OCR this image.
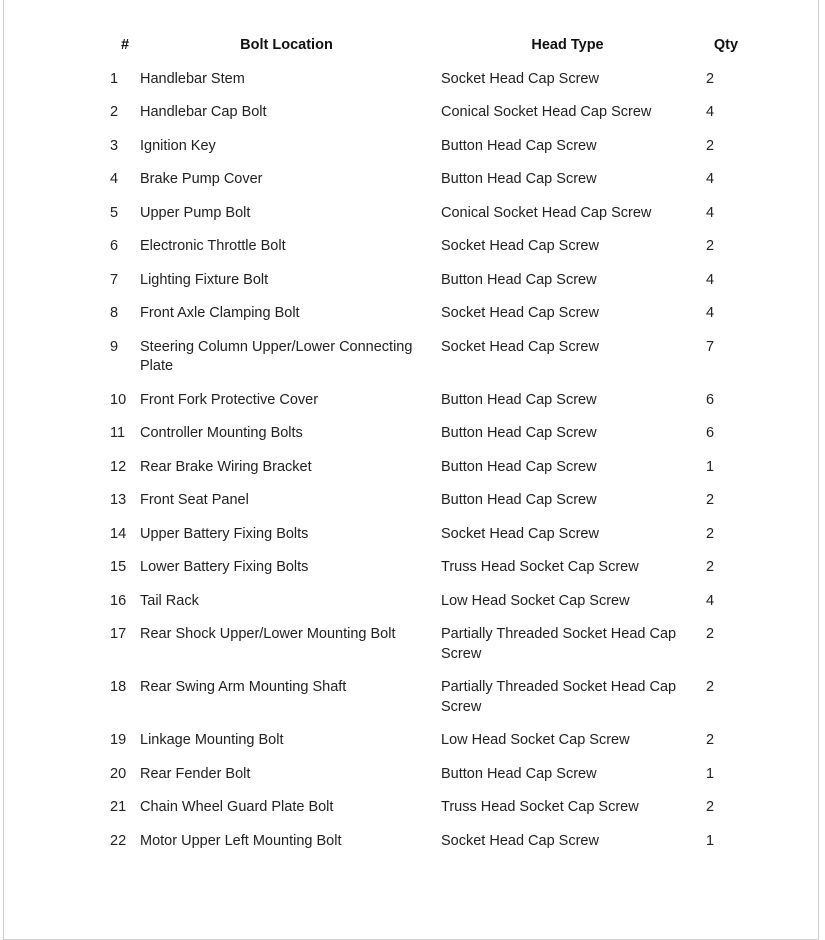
#	Bolt Location	Head Type	Qty
1	Handlebar Stem	Socket Head Cap Screw	2
2	Handlebar Cap Bolt	Conical Socket Head Cap Screw	4
3	Ignition Key	Button Head Cap Screw	2
4	Brake Pump Cover	Button Head Cap Screw	4
5	Upper Pump Bolt	Conical Socket Head Cap Screw	4
6	Electronic Throttle Bolt	Socket Head Cap Screw	2
7	Lighting Fixture Bolt	Button Head Cap Screw	4
8	Front Axle Clamping Bolt	Socket Head Cap Screw	4
9	Steering Column Upper/Lower Connecting Plate	Socket Head Cap Screw	7
10	Front Fork Protective Cover	Button Head Cap Screw	6
11	Controller Mounting Bolts	Button Head Cap Screw	6
12	Rear Brake Wiring Bracket	Button Head Cap Screw	1
13	Front Seat Panel	Button Head Cap Screw	2
14	Upper Battery Fixing Bolts	Socket Head Cap Screw	2
15	Lower Battery Fixing Bolts	Truss Head Socket Cap Screw	2
16	Tail Rack	Low Head Socket Cap Screw	4
17	Rear Shock Upper/Lower Mounting Bolt	Partially Threaded Socket Head Cap Screw	2
18	Rear Swing Arm Mounting Shaft	Partially Threaded Socket Head Cap Screw	2
19	Linkage Mounting Bolt	Low Head Socket Cap Screw	2
20	Rear Fender Bolt	Button Head Cap Screw	1
21	Chain Wheel Guard Plate Bolt	Truss Head Socket Cap Screw	2
22	Motor Upper Left Mounting Bolt	Socket Head Cap Screw	1
